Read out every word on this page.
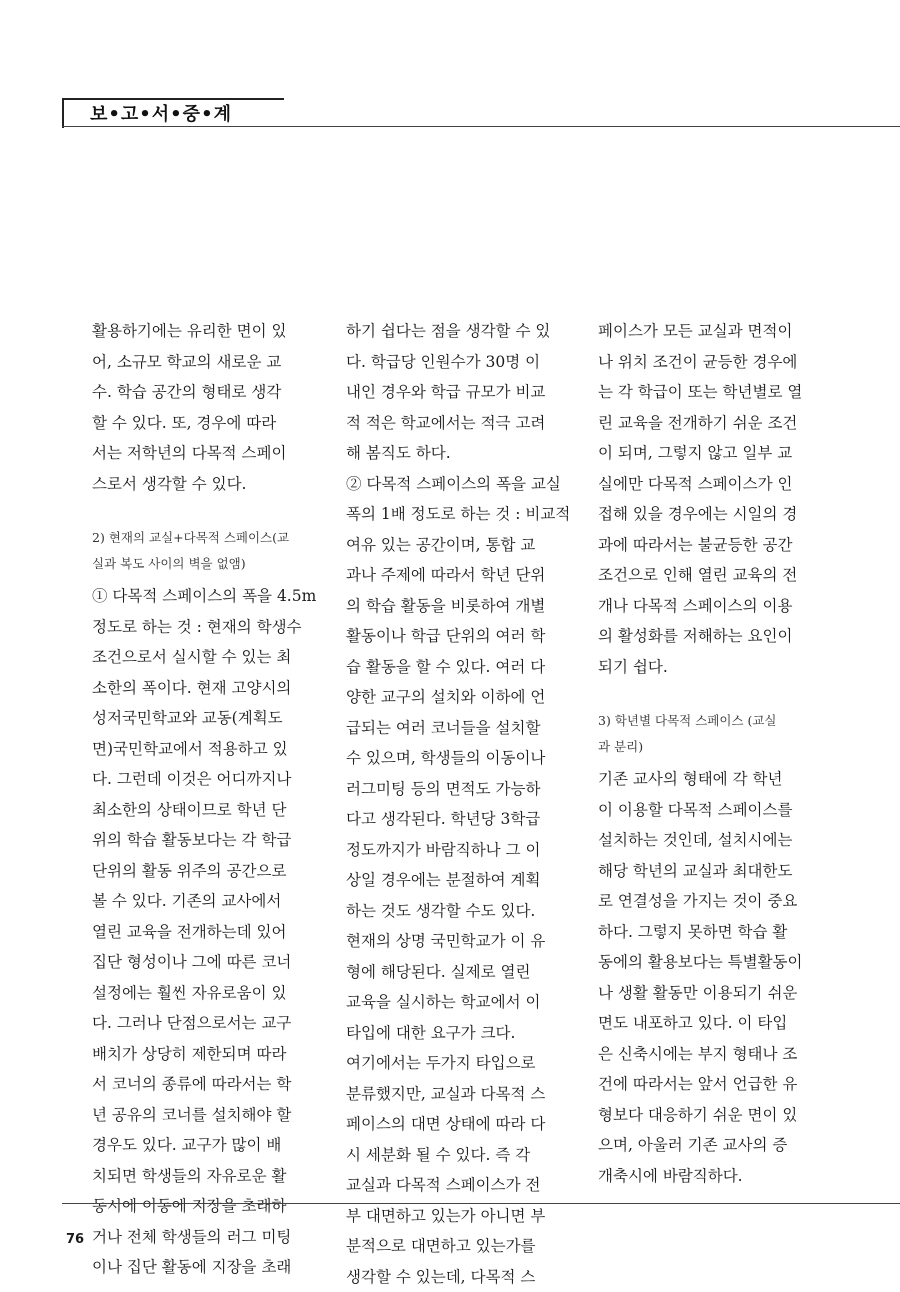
보•고•서•중•계

활용하기에는 유리한 면이 있

어, 소규모 학교의 새로운 교

수. 학습 공간의 형태로 생각

할 수 있다. 또, 경우에 따라

서는 저학년의 다목적 스페이

스로서 생각할 수 있다.

2) 현재의 교실+다목적 스페이스(교

실과 복도 사이의 벽을 없앰)

① 다목적 스페이스의 폭을 4.5m

정도로 하는 것 : 현재의 학생수

조건으로서 실시할 수 있는 최

소한의 폭이다. 현재 고양시의

성저국민학교와 교동(계획도

면)국민학교에서 적용하고 있

다. 그런데 이것은 어디까지나

최소한의 상태이므로 학년 단

위의 학습 활동보다는 각 학급

단위의 활동 위주의 공간으로

볼 수 있다. 기존의 교사에서

열린 교육을 전개하는데 있어

집단 형성이나 그에 따른 코너

설정에는 훨씬 자유로움이 있

다. 그러나 단점으로서는 교구

배치가 상당히 제한되며 따라

서 코너의 종류에 따라서는 학

년 공유의 코너를 설치해야 할

경우도 있다. 교구가 많이 배

치되면 학생들의 자유로운 활

동시에 이동에 지장을 초래하

거나 전체 학생들의 러그 미팅

이나 집단 활동에 지장을 초래

하기 쉽다는 점을 생각할 수 있

다. 학급당 인원수가 30명 이

내인 경우와 학급 규모가 비교

적 적은 학교에서는 적극 고려

해 봄직도 하다.

② 다목적 스페이스의 폭을 교실

폭의 1배 정도로 하는 것 : 비교적

여유 있는 공간이며, 통합 교

과나 주제에 따라서 학년 단위

의 학습 활동을 비롯하여 개별

활동이나 학급 단위의 여러 학

습 활동을 할 수 있다. 여러 다

양한 교구의 설치와 이하에 언

급되는 여러 코너들을 설치할

수 있으며, 학생들의 이동이나

러그미팅 등의 면적도 가능하

다고 생각된다. 학년당 3학급

정도까지가 바람직하나 그 이

상일 경우에는 분절하여 계획

하는 것도 생각할 수도 있다.

현재의 상명 국민학교가 이 유

형에 해당된다. 실제로 열린

교육을 실시하는 학교에서 이

타입에 대한 요구가 크다.

여기에서는 두가지 타입으로

분류했지만, 교실과 다목적 스

페이스의 대면 상태에 따라 다

시 세분화 될 수 있다. 즉 각

교실과 다목적 스페이스가 전

부 대면하고 있는가 아니면 부

분적으로 대면하고 있는가를

생각할 수 있는데, 다목적 스

페이스가 모든 교실과 면적이

나 위치 조건이 균등한 경우에

는 각 학급이 또는 학년별로 열

린 교육을 전개하기 쉬운 조건

이 되며, 그렇지 않고 일부 교

실에만 다목적 스페이스가 인

접해 있을 경우에는 시일의 경

과에 따라서는 불균등한 공간

조건으로 인해 열린 교육의 전

개나 다목적 스페이스의 이용

의 활성화를 저해하는 요인이

되기 쉽다.

3) 학년별 다목적 스페이스 (교실

과 분리)

기존 교사의 형태에 각 학년

이 이용할 다목적 스페이스를

설치하는 것인데, 설치시에는

해당 학년의 교실과 최대한도

로 연결성을 가지는 것이 중요

하다. 그렇지 못하면 학습 활

동에의 활용보다는 특별활동이

나 생활 활동만 이용되기 쉬운

면도 내포하고 있다. 이 타입

은 신축시에는 부지 형태나 조

건에 따라서는 앞서 언급한 유

형보다 대응하기 쉬운 면이 있

으며, 아울러 기존 교사의 증

개축시에 바람직하다.

76
